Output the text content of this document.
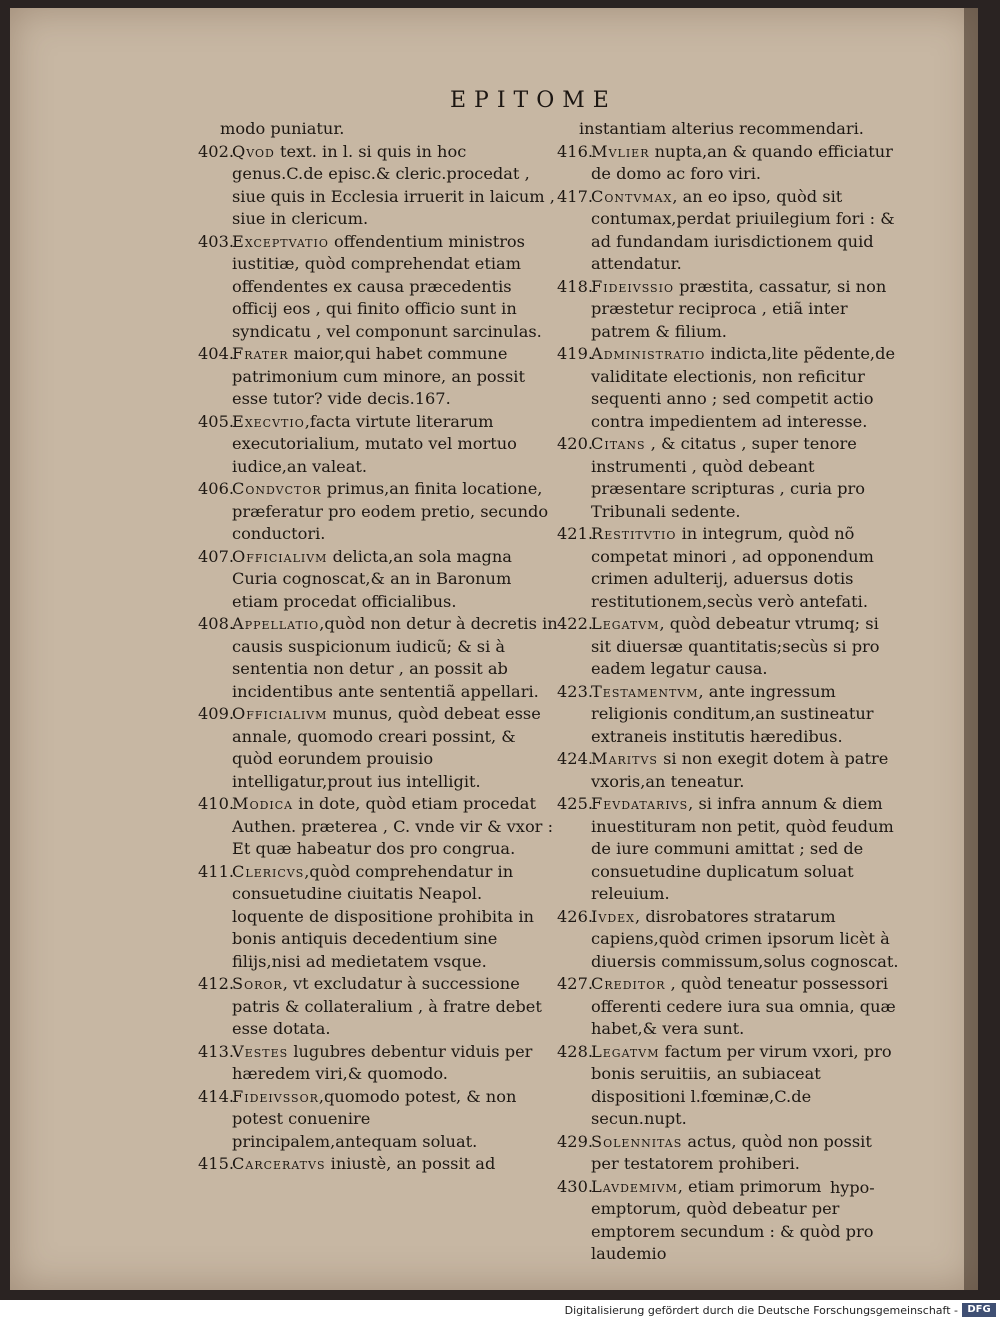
EPITOME

modo puniatur.

402.
Qvod text. in l. si quis in hoc genus.C.de episc.& cleric.procedat , siue quis in Ecclesia irruerit in laicum , siue in clericum.

403.
Exceptvatio offendentium ministros iustitiæ, quòd comprehendat etiam offendentes ex causa præcedentis officij eos , qui finito officio sunt in syndicatu , vel componunt sarcinulas.

404.
Frater maior,qui habet commune patrimonium cum minore, an possit esse tutor? vide decis.167.

405.
Execvtio,facta virtute literarum executorialium, mutato vel mortuo iudice,an valeat.

406.
Condvctor primus,an finita locatione, præferatur pro eodem pretio, secundo conductori.

407.
Officialivm delicta,an sola magna Curia cognoscat,& an in Baronum etiam procedat officialibus.

408.
Appellatio,quòd non detur à decretis in causis suspicionum iudicũ; & si à sententia non detur , an possit ab incidentibus ante sententiã appellari.

409.
Officialivm munus, quòd debeat esse annale, quomodo creari possint, & quòd eorundem prouisio intelligatur,prout ius intelligit.

410.
Modica in dote, quòd etiam procedat Authen. præterea , C. vnde vir & vxor : Et quæ habeatur dos pro congrua.

411.
Clericvs,quòd comprehendatur in consuetudine ciuitatis Neapol. loquente de dispositione prohibita in bonis antiquis decedentium sine filijs,nisi ad medietatem vsque.

412.
Soror, vt excludatur à successione patris & collateralium , à fratre debet esse dotata.

413.
Vestes lugubres debentur viduis per hæredem viri,& quomodo.

414.
Fideivssor,quomodo potest, & non potest conuenire principalem,antequam soluat.

415.
Carceratvs iniustè, an possit ad

instantiam alterius recommendari.

416.
Mvlier nupta,an & quando efficiatur de domo ac foro viri.

417.
Contvmax, an eo ipso, quòd sit contumax,perdat priuilegium fori : & ad fundandam iurisdictionem quid attendatur.

418.
Fideivssio præstita, cassatur, si non præstetur reciproca , etiã inter patrem & filium.

419.
Administratio indicta,lite pẽdente,de validitate electionis, non reficitur sequenti anno ; sed competit actio contra impedientem ad interesse.

420.
Citans , & citatus , super tenore instrumenti , quòd debeant præsentare scripturas , curia pro Tribunali sedente.

421.
Restitvtio in integrum, quòd nõ competat minori , ad opponendum crimen adulterij, aduersus dotis restitutionem,secùs verò antefati.

422.
Legatvm, quòd debeatur vtrumq; si sit diuersæ quantitatis;secùs si pro eadem legatur causa.

423.
Testamentvm, ante ingressum religionis conditum,an sustineatur extraneis institutis hæredibus.

424.
Maritvs si non exegit dotem à patre vxoris,an teneatur.

425.
Fevdatarivs, si infra annum & diem inuestituram non petit, quòd feudum de iure communi amittat ; sed de consuetudine duplicatum soluat releuium.

426.
Ivdex, disrobatores stratarum capiens,quòd crimen ipsorum licèt à diuersis commissum,solus cognoscat.

427.
Creditor , quòd teneatur possessori offerenti cedere iura sua omnia, quæ habet,& vera sunt.

428.
Legatvm factum per virum vxori, pro bonis seruitiis, an subiaceat dispositioni l.fœminæ,C.de secun.nupt.

429.
Solennitas actus, quòd non possit per testatorem prohiberi.

430.
Lavdemivm, etiam primorum emptorum, quòd debeatur per emptorem secundum : & quòd pro laudemio

hypo-
Digitalisierung gefördert durch die Deutsche Forschungsgemeinschaft - DFG
